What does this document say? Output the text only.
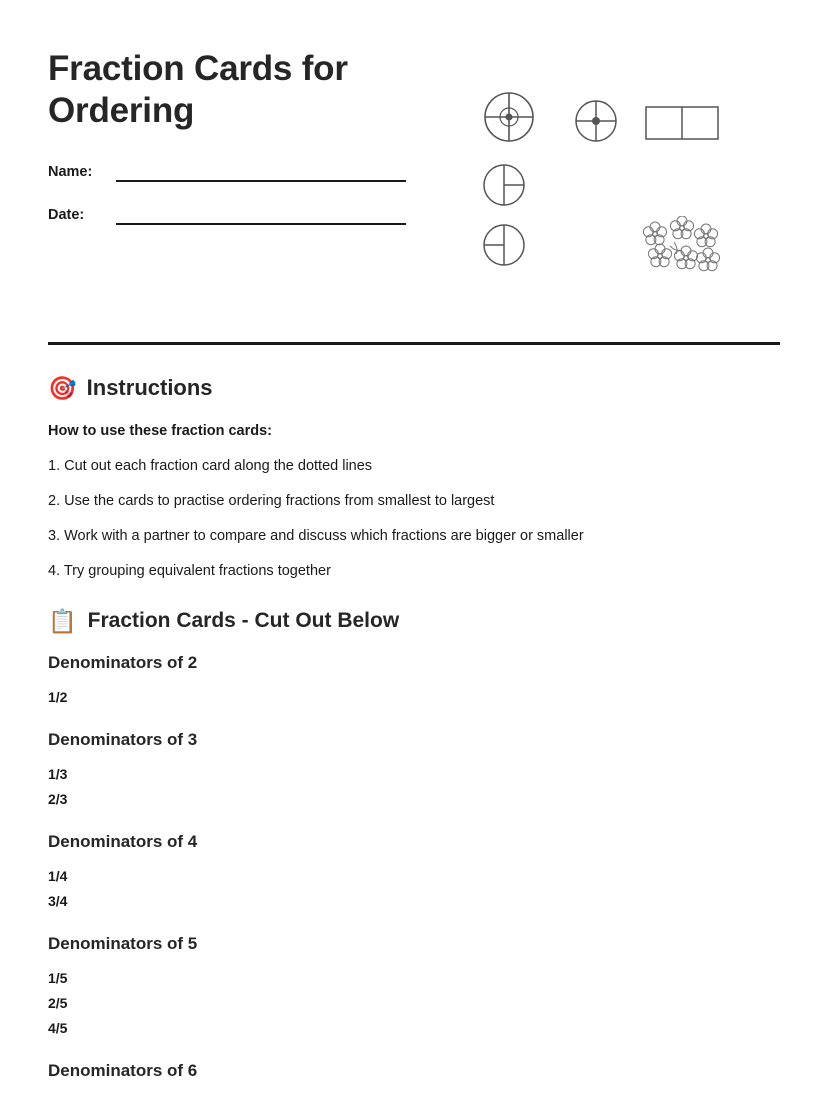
Fraction Cards for Ordering
Name:
Date:
🎯 Instructions
How to use these fraction cards:
1. Cut out each fraction card along the dotted lines
2. Use the cards to practise ordering fractions from smallest to largest
3. Work with a partner to compare and discuss which fractions are bigger or smaller
4. Try grouping equivalent fractions together
📋 Fraction Cards - Cut Out Below
Denominators of 2
1/2
Denominators of 3
1/3
2/3
Denominators of 4
1/4
3/4
Denominators of 5
1/5
2/5
4/5
Denominators of 6
